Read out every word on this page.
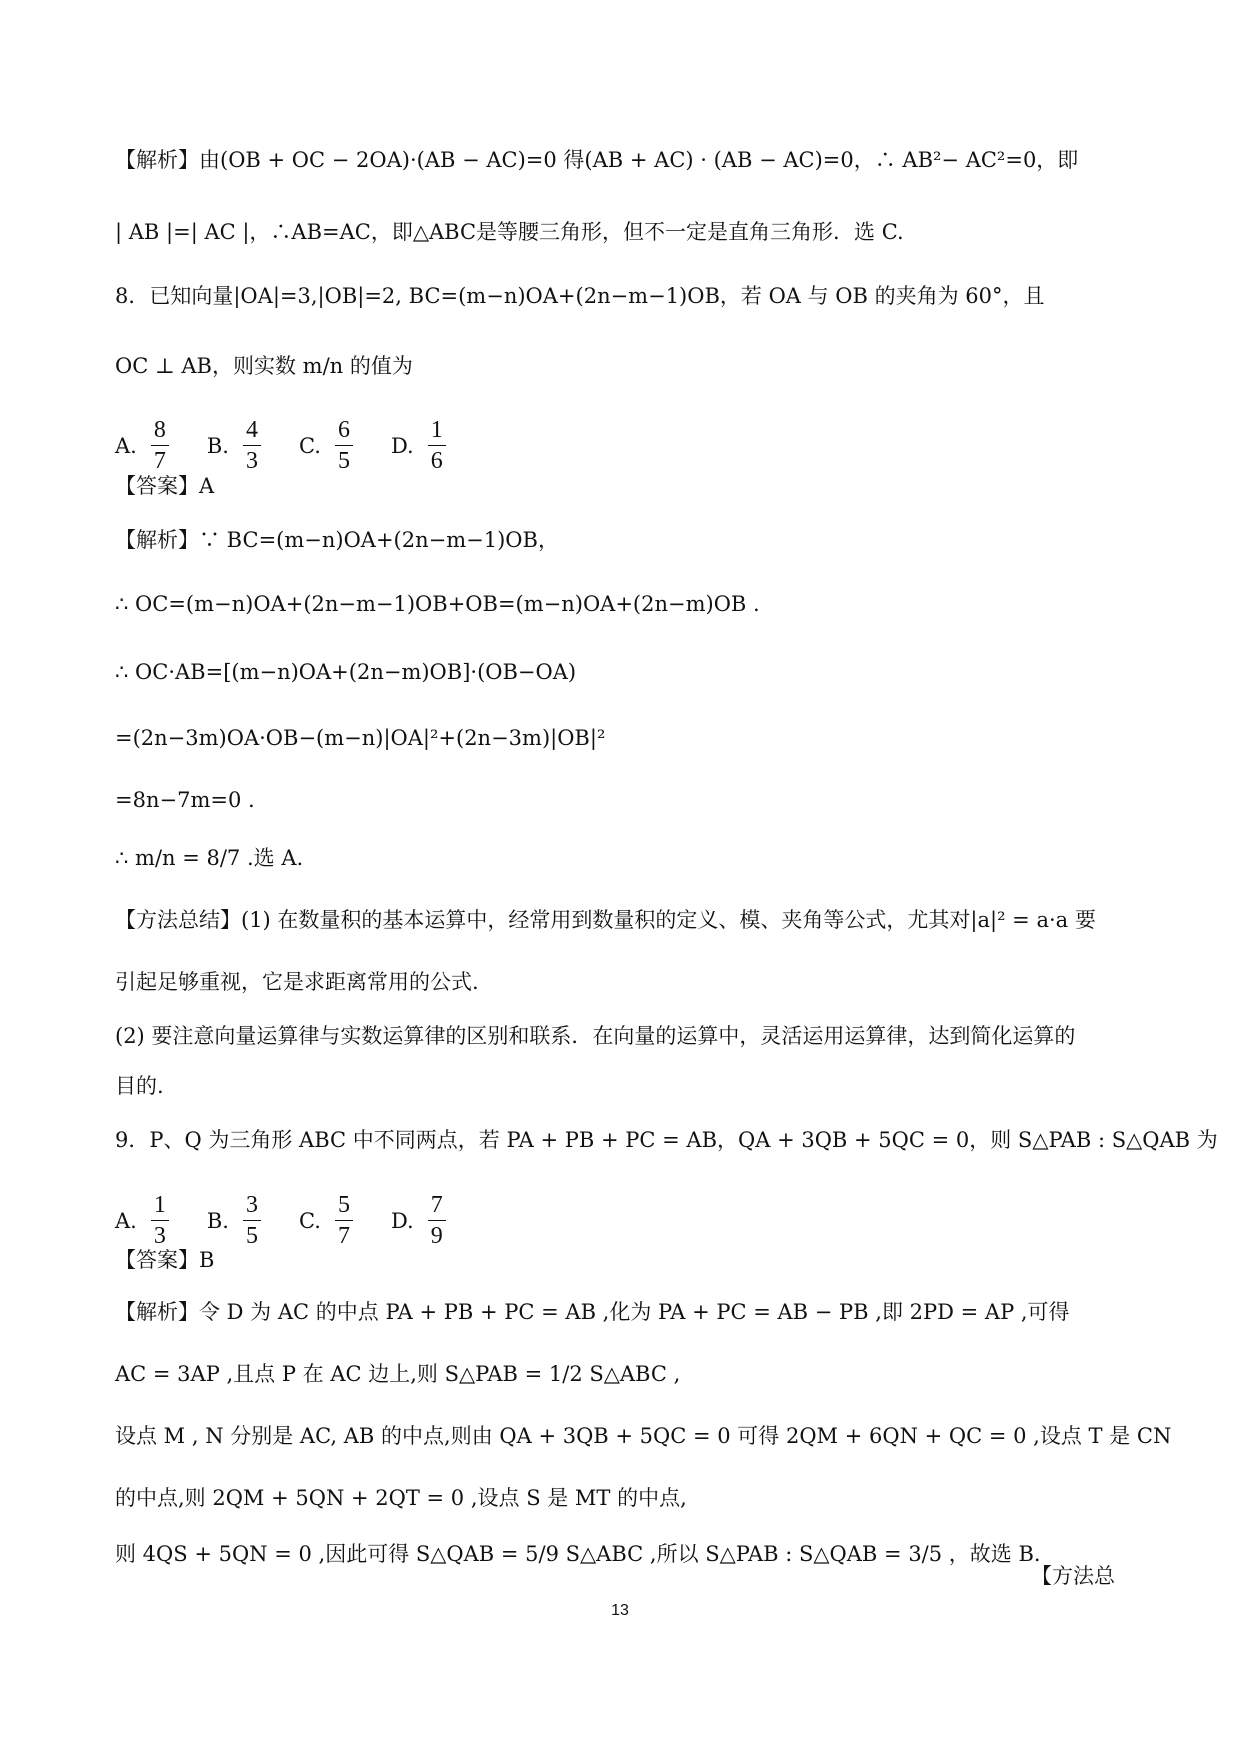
【解析】由(OB + OC − 2OA)·(AB − AC)=0 得(AB + AC) · (AB − AC)=0，∴ AB²− AC²=0，即
| AB |=| AC |，∴AB=AC，即△ABC是等腰三角形，但不一定是直角三角形．选 C.
8．已知向量|OA|=3,|OB|=2, BC=(m−n)OA+(2n−m−1)OB，若 OA 与 OB 的夹角为 60°，且
OC ⊥ AB，则实数 m/n 的值为
【答案】A
【解析】∵ BC=(m−n)OA+(2n−m−1)OB，
∴ OC=(m−n)OA+(2n−m−1)OB+OB=(m−n)OA+(2n−m)OB .
∴ OC·AB=[(m−n)OA+(2n−m)OB]·(OB−OA)
=(2n−3m)OA·OB−(m−n)|OA|²+(2n−3m)|OB|²
=8n−7m=0 .
∴ m/n = 8/7 .选 A.
【方法总结】(1) 在数量积的基本运算中，经常用到数量积的定义、模、夹角等公式，尤其对|a|² = a·a 要
引起足够重视，它是求距离常用的公式.
(2) 要注意向量运算律与实数运算律的区别和联系．在向量的运算中，灵活运用运算律，达到简化运算的
目的.
9．P、Q 为三角形 ABC 中不同两点，若 PA + PB + PC = AB，QA + 3QB + 5QC = 0，则 S△PAB : S△QAB 为
【答案】B
【解析】令 D 为 AC 的中点 PA + PB + PC = AB ,化为 PA + PC = AB − PB ,即 2PD = AP ,可得
AC = 3AP ,且点 P 在 AC 边上,则 S△PAB = 1/2 S△ABC ,
设点 M , N 分别是 AC, AB 的中点,则由 QA + 3QB + 5QC = 0 可得 2QM + 6QN + QC = 0 ,设点 T 是 CN
的中点,则 2QM + 5QN + 2QT = 0 ,设点 S 是 MT 的中点,
则 4QS + 5QN = 0 ,因此可得 S△QAB = 5/9 S△ABC ,所以 S△PAB : S△QAB = 3/5 ，故选 B.
A. $\frac{8}{7} B$. $\frac{4}{3} C$. $\frac{6}{5} D$. $\frac{1}{6}$
A. $\frac{1}{3} B$. $\frac{3}{5} C$. $\frac{5}{7} D$. $\frac{7}{9}$
【方法总
13
